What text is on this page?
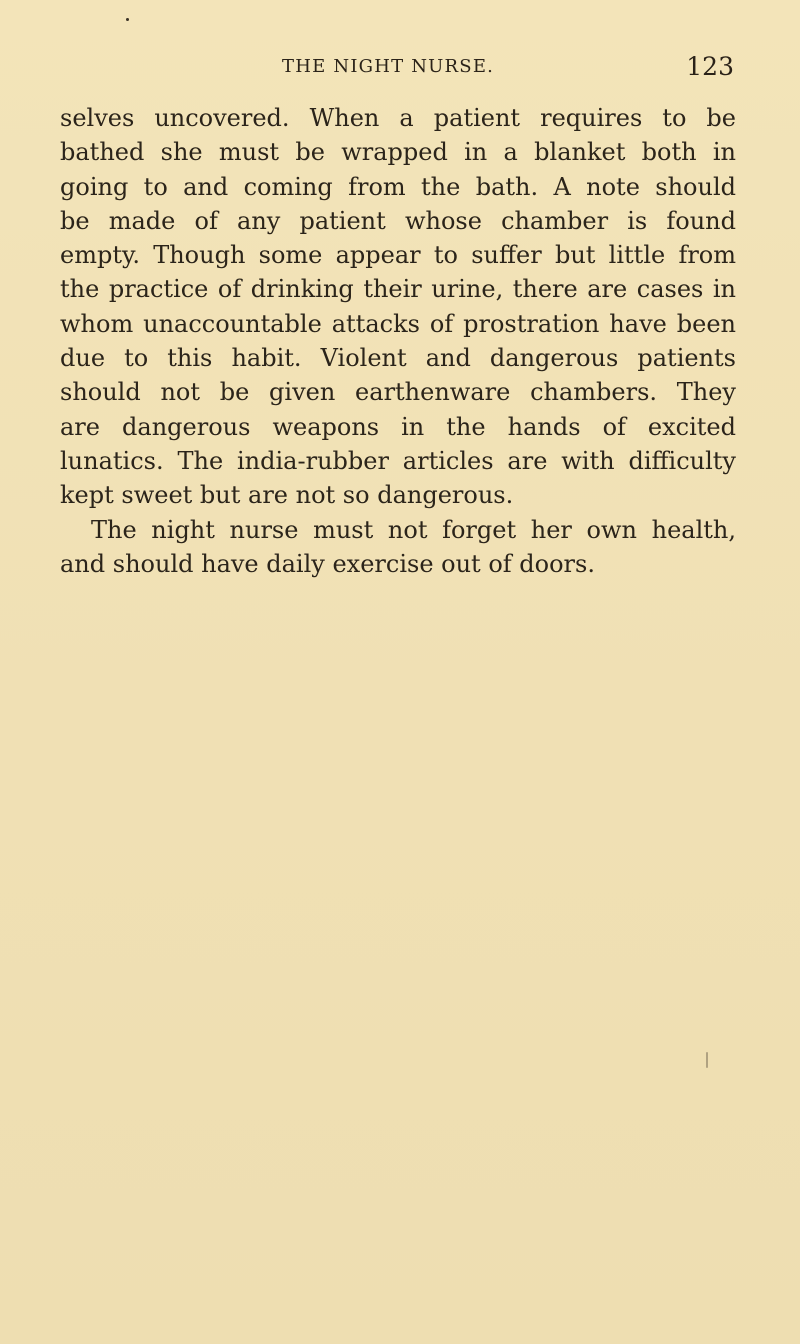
THE NIGHT NURSE.	123
selves uncovered. When a patient requires to be
bathed she must be wrapped in a blanket both in
going to and coming from the bath. A note should
be made of any patient whose chamber is found
empty. Though some appear to suffer but little from
the practice of drinking their urine, there are cases in
whom unaccountable attacks of prostration have been
due to this habit. Violent and dangerous patients
should not be given earthenware chambers. They
are dangerous weapons in the hands of excited
lunatics. The india-rubber articles are with difficulty
kept sweet but are not so dangerous.
The night nurse must not forget her own health,
and should have daily exercise out of doors.
